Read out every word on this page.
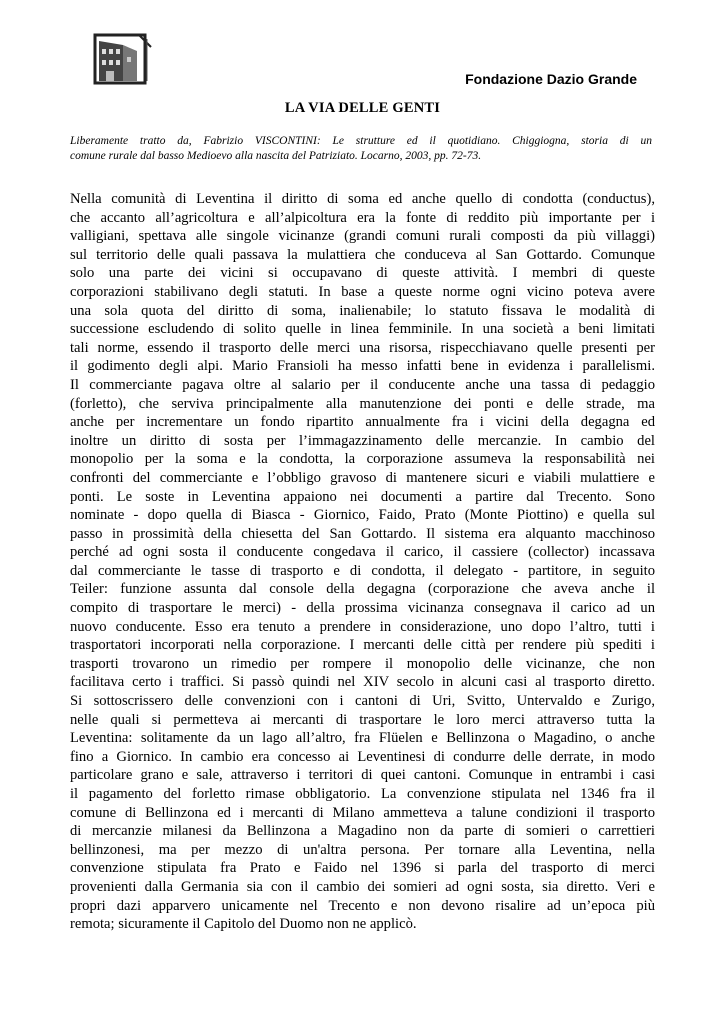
Fondazione Dazio Grande
LA VIA DELLE GENTI
Liberamente tratto da, Fabrizio VISCONTINI: Le strutture ed il quotidiano. Chiggiogna, storia di un
comune rurale dal basso Medioevo alla nascita del Patriziato. Locarno, 2003, pp. 72-73.
Nella comunità di Leventina il diritto di soma ed anche quello di condotta (conductus),
che accanto all’agricoltura e all’alpicoltura era la fonte di reddito più importante per i
valligiani, spettava alle singole vicinanze (grandi comuni rurali composti da più villaggi)
sul territorio delle quali passava la mulattiera che conduceva al San Gottardo. Comunque
solo una parte dei vicini si occupavano di queste attività. I membri di queste
corporazioni stabilivano degli statuti. In base a queste norme ogni vicino poteva avere
una sola quota del diritto di soma, inalienabile; lo statuto fissava le modalità di
successione escludendo di solito quelle in linea femminile. In una società a beni limitati
tali norme, essendo il trasporto delle merci una risorsa, rispecchiavano quelle presenti per
il godimento degli alpi. Mario Fransioli ha messo infatti bene in evidenza i parallelismi.
Il commerciante pagava oltre al salario per il conducente anche una tassa di pedaggio
(forletto), che serviva principalmente alla manutenzione dei ponti e delle strade, ma
anche per incrementare un fondo ripartito annualmente fra i vicini della degagna ed
inoltre un diritto di sosta per l’immagazzinamento delle mercanzie. In cambio del
monopolio per la soma e la condotta, la corporazione assumeva la responsabilità nei
confronti del commerciante e l’obbligo gravoso di mantenere sicuri e viabili mulattiere e
ponti. Le soste in Leventina appaiono nei documenti a partire dal Trecento. Sono
nominate - dopo quella di Biasca - Giornico, Faido, Prato (Monte Piottino) e quella sul
passo in prossimità della chiesetta del San Gottardo. Il sistema era alquanto macchinoso
perché ad ogni sosta il conducente congedava il carico, il cassiere (collector) incassava
dal commerciante le tasse di trasporto e di condotta, il delegato - partitore, in seguito
Teiler: funzione assunta dal console della degagna (corporazione che aveva anche il
compito di trasportare le merci) - della prossima vicinanza consegnava il carico ad un
nuovo conducente. Esso era tenuto a prendere in considerazione, uno dopo l’altro, tutti i
trasportatori incorporati nella corporazione. I mercanti delle città per rendere più spediti i
trasporti trovarono un rimedio per rompere il monopolio delle vicinanze, che non
facilitava certo i traffici. Si passò quindi nel XIV secolo in alcuni casi al trasporto diretto.
Si sottoscrissero delle convenzioni con i cantoni di Uri, Svitto, Untervaldo e Zurigo,
nelle quali si permetteva ai mercanti di trasportare le loro merci attraverso tutta la
Leventina: solitamente da un lago all’altro, fra Flüelen e Bellinzona o Magadino, o anche
fino a Giornico. In cambio era concesso ai Leventinesi di condurre delle derrate, in modo
particolare grano e sale, attraverso i territori di quei cantoni. Comunque in entrambi i casi
il pagamento del forletto rimase obbligatorio. La convenzione stipulata nel 1346 fra il
comune di Bellinzona ed i mercanti di Milano ammetteva a talune condizioni il trasporto
di mercanzie milanesi da Bellinzona a Magadino non da parte di somieri o carrettieri
bellinzonesi, ma per mezzo di un'altra persona. Per tornare alla Leventina, nella
convenzione stipulata fra Prato e Faido nel 1396 si parla del trasporto di merci
provenienti dalla Germania sia con il cambio dei somieri ad ogni sosta, sia diretto. Veri e
propri dazi apparvero unicamente nel Trecento e non devono risalire ad un’epoca più
remota; sicuramente il Capitolo del Duomo non ne applicò.
